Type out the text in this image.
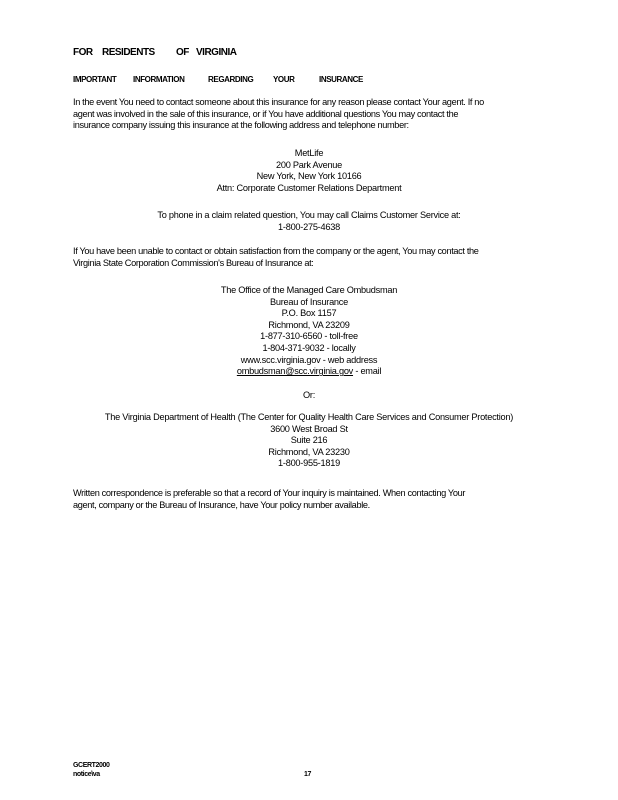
FOR RESIDENTS OF VIRGINIA
IMPORTANT INFORMATION	REGARDING YOUR	INSURANCE
In the event You need to contact someone about this insurance for any reason please contact Your agent. If no
agent was involved in the sale of this insurance, or if You have additional questions You may contact the
insurance company issuing this insurance at the following address and telephone number:
MetLife
200 Park Avenue
New York, New York 10166
Attn: Corporate Customer Relations Department
To phone in a claim related question, You may call Claims Customer Service at:
1-800-275-4638
If You have been unable to contact or obtain satisfaction from the company or the agent, You may contact the
Virginia State Corporation Commission's Bureau of Insurance at:
The Office of the Managed Care Ombudsman
Bureau of Insurance
P.O. Box 1157
Richmond, VA 23209
1-877-310-6560 - toll-free
1-804-371-9032 - locally
www.scc.virginia.gov - web address
ombudsman@scc.virginia.gov - email
Or:
The Virginia Department of Health (The Center for Quality Health Care Services and Consumer Protection)
3600 West Broad St
Suite 216
Richmond, VA 23230
1-800-955-1819
Written correspondence is preferable so that a record of Your inquiry is maintained. When contacting Your
agent, company or the Bureau of Insurance, have Your policy number available.
GCERT2000
notice\va	17
